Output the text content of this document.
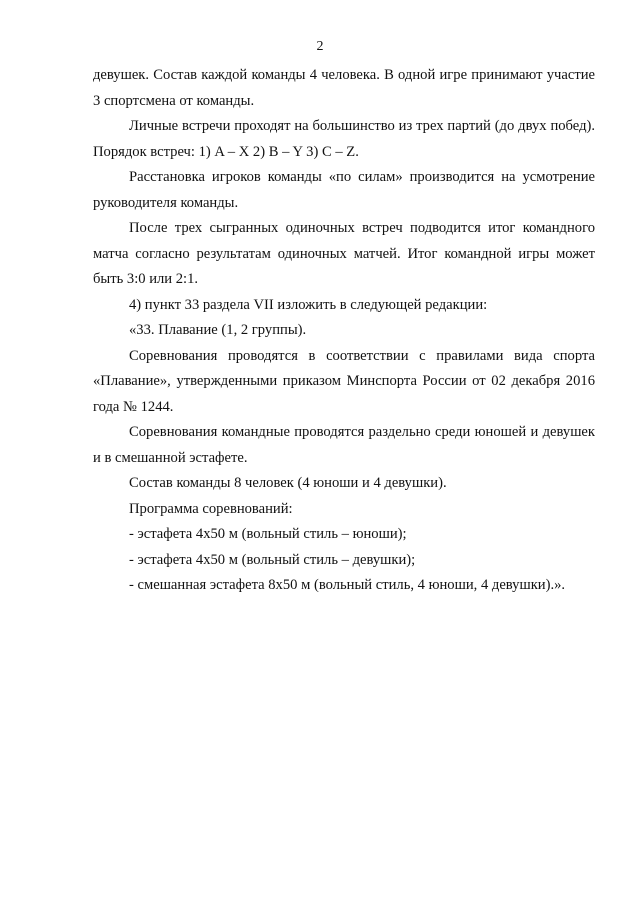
2

девушек. Состав каждой команды 4 человека. В одной игре принимают участие 3 спортсмена от команды.

Личные встречи проходят на большинство из трех партий (до двух побед). Порядок встреч: 1) A – X 2) B – Y 3) C – Z.

Расстановка игроков команды «по силам» производится на усмотрение руководителя команды.

После трех сыгранных одиночных встреч подводится итог командного матча согласно результатам одиночных матчей. Итог командной игры может быть 3:0 или 2:1.

4) пункт 33 раздела VII изложить в следующей редакции:

«33. Плавание (1, 2 группы).

Соревнования проводятся в соответствии с правилами вида спорта «Плавание», утвержденными приказом Минспорта России от 02 декабря 2016 года № 1244.

Соревнования командные проводятся раздельно среди юношей и девушек и в смешанной эстафете.

Состав команды 8 человек (4 юноши и 4 девушки).

Программа соревнований:

- эстафета 4х50 м (вольный стиль – юноши);

- эстафета 4х50 м (вольный стиль – девушки);

- смешанная эстафета 8х50 м (вольный стиль, 4 юноши, 4 девушки).».
